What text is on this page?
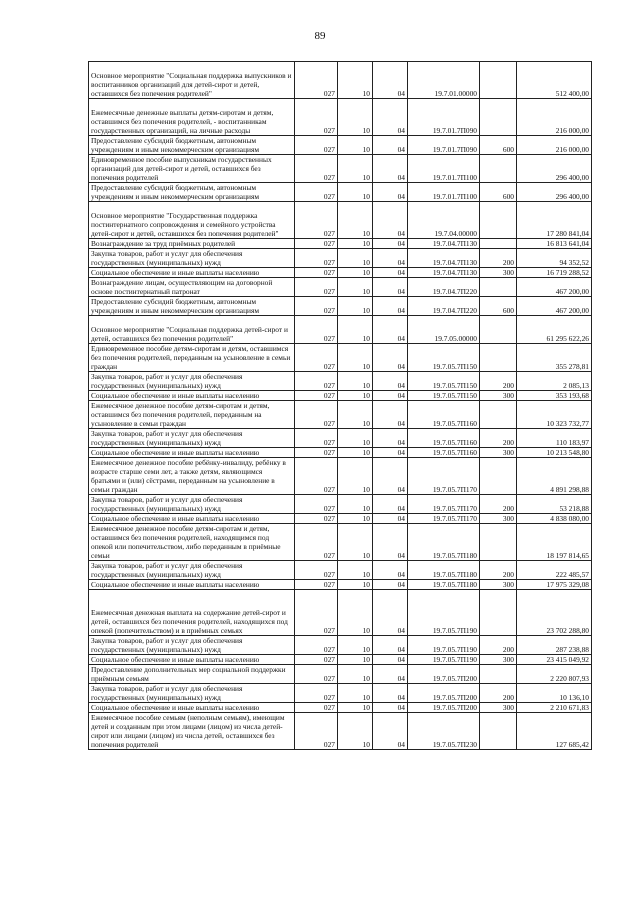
89
Основное мероприятие "Социальная поддержка выпускников и воспитанников организаций для детей-сирот и детей, оставшихся без попечения родителей"	027	10	04	19.7.01.00000		512 400,00
Ежемесячные денежные выплаты детям-сиротам и детям, оставшимся без попечения родителей, - воспитанникам государственных организаций, на личные расходы	027	10	04	19.7.01.7П090		216 000,00
Предоставление субсидий бюджетным, автономным учреждениям и иным некоммерческим организациям	027	10	04	19.7.01.7П090	600	216 000,00
Единовременное пособие выпускникам государственных организаций для детей-сирот и детей, оставшихся без попечения родителей	027	10	04	19.7.01.7П100		296 400,00
Предоставление субсидий бюджетным, автономным учреждениям и иным некоммерческим организациям	027	10	04	19.7.01.7П100	600	296 400,00
Основное мероприятие "Государственная поддержка постинтернатного сопровождения и семейного устройства детей-сирот и детей, оставшихся без попечения родителей"	027	10	04	19.7.04.00000		17 280 841,04
Вознаграждение за труд приёмных родителей	027	10	04	19.7.04.7П130		16 813 641,04
Закупка товаров, работ и услуг для обеспечения государственных (муниципальных) нужд	027	10	04	19.7.04.7П130	200	94 352,52
Социальное обеспечение и иные выплаты населению	027	10	04	19.7.04.7П130	300	16 719 288,52
Вознаграждение лицам, осуществляющим на договорной основе постинтернатный патронат	027	10	04	19.7.04.7П220		467 200,00
Предоставление субсидий бюджетным, автономным учреждениям и иным некоммерческим организациям	027	10	04	19.7.04.7П220	600	467 200,00
Основное мероприятие "Социальная поддержка детей-сирот и детей, оставшихся без попечения родителей"	027	10	04	19.7.05.00000		61 295 622,26
Единовременное пособие детям-сиротам и детям, оставшимся без попечения родителей, переданным на усыновление в семьи граждан	027	10	04	19.7.05.7П150		355 278,81
Закупка товаров, работ и услуг для обеспечения государственных (муниципальных) нужд	027	10	04	19.7.05.7П150	200	2 085,13
Социальное обеспечение и иные выплаты населению	027	10	04	19.7.05.7П150	300	353 193,68
Ежемесячное денежное пособие детям-сиротам и детям, оставшимся без попечения родителей, переданным на усыновление в семьи граждан	027	10	04	19.7.05.7П160		10 323 732,77
Закупка товаров, работ и услуг для обеспечения государственных (муниципальных) нужд	027	10	04	19.7.05.7П160	200	110 183,97
Социальное обеспечение и иные выплаты населению	027	10	04	19.7.05.7П160	300	10 213 548,80
Ежемесячное денежное пособие ребёнку-инвалиду, ребёнку в возрасте старше семи лет, а также детям, являющимся братьями и (или) сёстрами, переданным на усыновление в семьи граждан	027	10	04	19.7.05.7П170		4 891 298,88
Закупка товаров, работ и услуг для обеспечения государственных (муниципальных) нужд	027	10	04	19.7.05.7П170	200	53 218,88
Социальное обеспечение и иные выплаты населению	027	10	04	19.7.05.7П170	300	4 838 080,00
Ежемесячное денежное пособие детям-сиротам и детям, оставшимся без попечения родителей, находящимся под опекой или попечительством, либо переданным в приёмные семьи	027	10	04	19.7.05.7П180		18 197 814,65
Закупка товаров, работ и услуг для обеспечения государственных (муниципальных) нужд	027	10	04	19.7.05.7П180	200	222 485,57
Социальное обеспечение и иные выплаты населению	027	10	04	19.7.05.7П180	300	17 975 329,08
Ежемесячная денежная выплата на содержание детей-сирот и детей, оставшихся без попечения родителей, находящихся под опекой (попечительством) и в приёмных семьях	027	10	04	19.7.05.7П190		23 702 288,80
Закупка товаров, работ и услуг для обеспечения государственных (муниципальных) нужд	027	10	04	19.7.05.7П190	200	287 238,88
Социальное обеспечение и иные выплаты населению	027	10	04	19.7.05.7П190	300	23 415 049,92
Предоставление дополнительных мер социальной поддержки приёмным семьям	027	10	04	19.7.05.7П200		2 220 807,93
Закупка товаров, работ и услуг для обеспечения государственных (муниципальных) нужд	027	10	04	19.7.05.7П200	200	10 136,10
Социальное обеспечение и иные выплаты населению	027	10	04	19.7.05.7П200	300	2 210 671,83
Ежемесячное пособие семьям (неполным семьям), имеющим детей и созданным при этом лицами (лицом) из числа детей-сирот или лицами (лицом) из числа детей, оставшихся без попечения родителей	027	10	04	19.7.05.7П230		127 685,42
